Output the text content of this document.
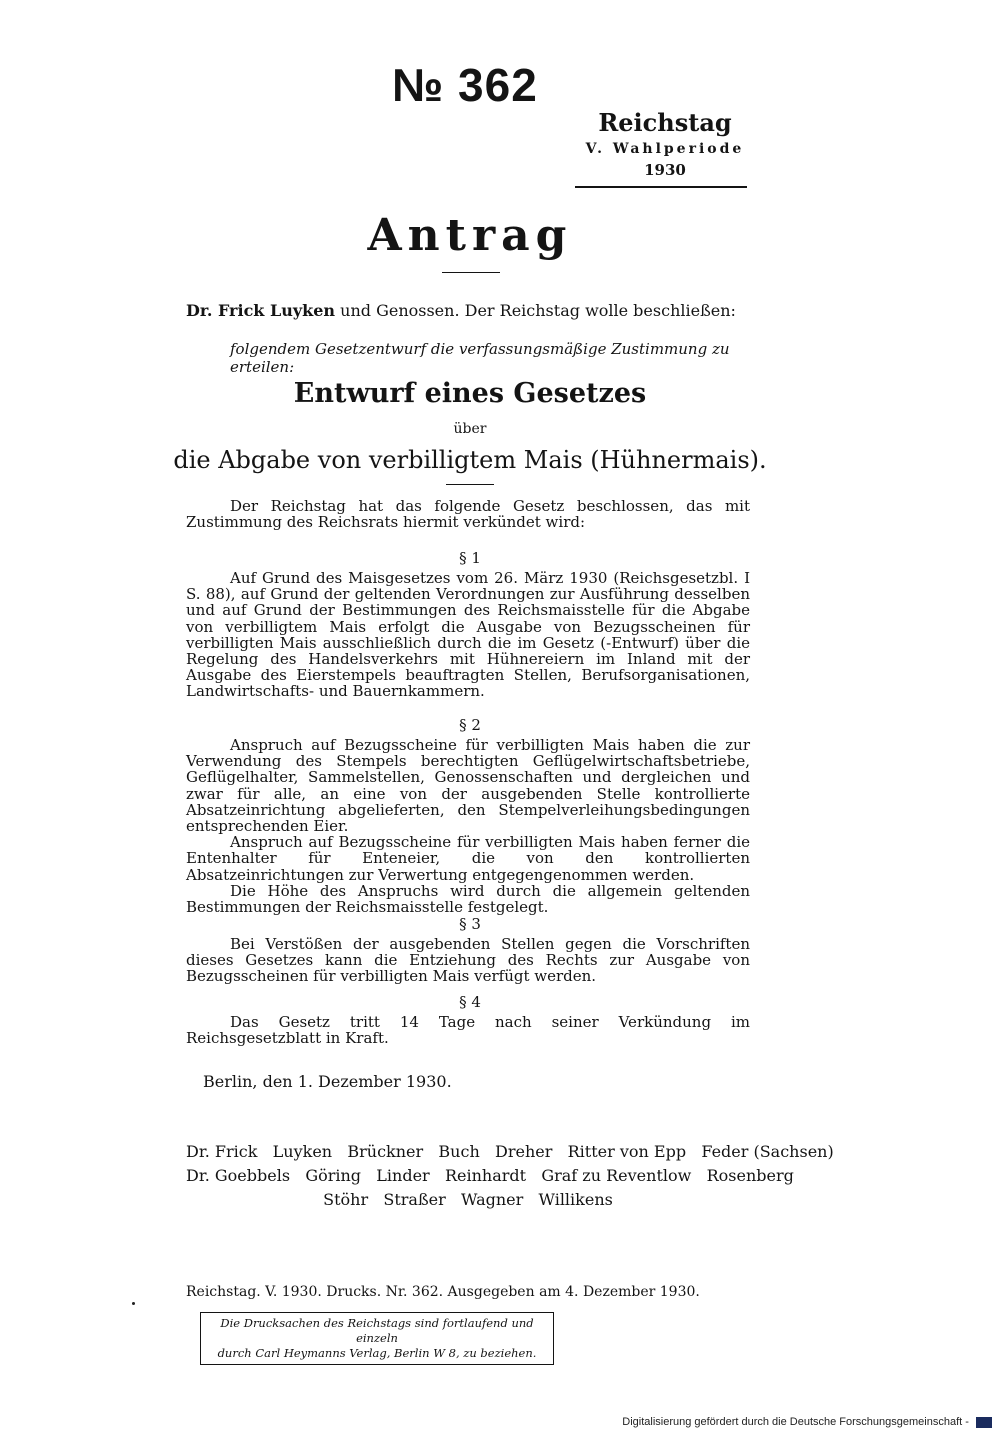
№ 362
Reichstag
V. Wahlperiode
1930
Antrag
Dr. Frick Luyken und Genossen. Der Reichstag wolle beschließen:
folgendem Gesetzentwurf die verfassungsmäßige Zustimmung zu erteilen:
Entwurf eines Gesetzes
über
die Abgabe von verbilligtem Mais (Hühnermais).

Der Reichstag hat das folgende Gesetz beschlossen, das mit Zustimmung des Reichsrats hiermit verkündet wird:

§ 1

Auf Grund des Maisgesetzes vom 26. März 1930 (Reichsgesetzbl. I S. 88), auf Grund der geltenden Verordnungen zur Ausführung desselben und auf Grund der Bestimmungen des Reichsmaisstelle für die Abgabe von verbilligtem Mais erfolgt die Ausgabe von Bezugsscheinen für verbilligten Mais ausschließlich durch die im Gesetz (-Entwurf) über die Regelung des Handelsverkehrs mit Hühnereiern im Inland mit der Ausgabe des Eierstempels beauftragten Stellen, Berufsorganisationen, Landwirtschafts- und Bauernkammern.

§ 2

Anspruch auf Bezugsscheine für verbilligten Mais haben die zur Verwendung des Stempels berechtigten Geflügelwirtschaftsbetriebe, Geflügelhalter, Sammelstellen, Genossenschaften und dergleichen und zwar für alle, an eine von der ausgebenden Stelle kontrollierte Absatzeinrichtung abgelieferten, den Stempelverleihungsbedingungen entsprechenden Eier.

Anspruch auf Bezugsscheine für verbilligten Mais haben ferner die Entenhalter für Enteneier, die von den kontrollierten Absatzeinrichtungen zur Verwertung entgegengenommen werden.

Die Höhe des Anspruchs wird durch die allgemein geltenden Bestimmungen der Reichsmaisstelle festgelegt.

§ 3

Bei Verstößen der ausgebenden Stellen gegen die Vorschriften dieses Gesetzes kann die Entziehung des Rechts zur Ausgabe von Bezugsscheinen für verbilligten Mais verfügt werden.

§ 4

Das Gesetz tritt 14 Tage nach seiner Verkündung im Reichsgesetzblatt in Kraft.

Berlin, den 1. Dezember 1930.
Dr. Frick   Luyken   Brückner   Buch   Dreher   Ritter von Epp   Feder (Sachsen)
Dr. Goebbels   Göring   Linder   Reinhardt   Graf zu Reventlow   Rosenberg
Stöhr   Straßer   Wagner   Willikens
Reichstag. V. 1930. Drucks. Nr. 362. Ausgegeben am 4. Dezember 1930.
Die Drucksachen des Reichstags sind fortlaufend und einzeln
durch Carl Heymanns Verlag, Berlin W 8, zu beziehen.
Digitalisierung gefördert durch die Deutsche Forschungsgemeinschaft -
